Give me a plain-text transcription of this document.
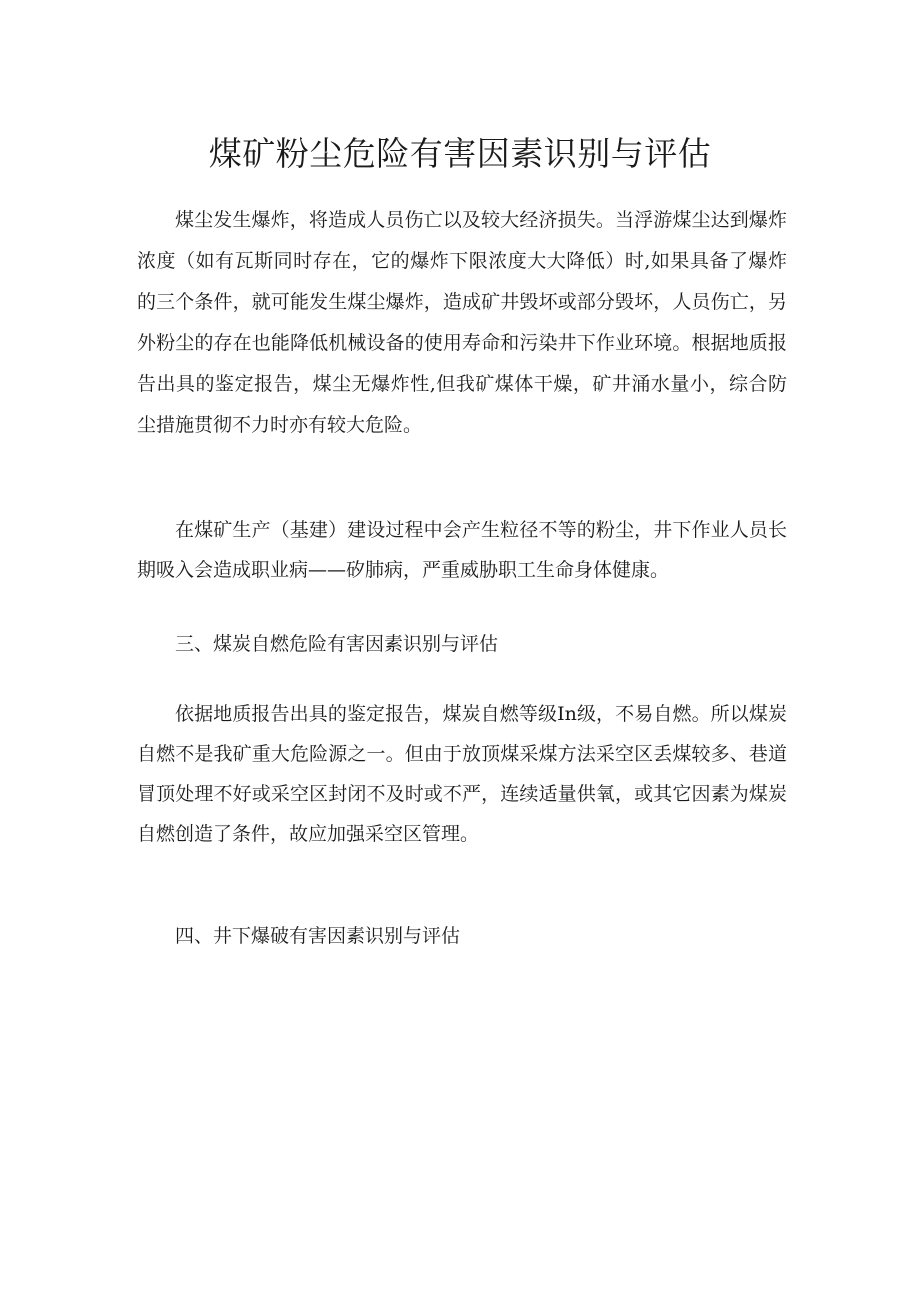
煤矿粉尘危险有害因素识别与评估

煤尘发生爆炸，将造成人员伤亡以及较大经济损失。当浮游煤尘达到爆炸浓度（如有瓦斯同时存在，它的爆炸下限浓度大大降低）时,如果具备了爆炸的三个条件，就可能发生煤尘爆炸，造成矿井毁坏或部分毁坏，人员伤亡，另外粉尘的存在也能降低机械设备的使用寿命和污染井下作业环境。根据地质报告出具的鉴定报告，煤尘无爆炸性,但我矿煤体干燥，矿井涌水量小，综合防尘措施贯彻不力时亦有较大危险。

在煤矿生产（基建）建设过程中会产生粒径不等的粉尘，井下作业人员长期吸入会造成职业病——矽肺病，严重威胁职工生命身体健康。

三、煤炭自燃危险有害因素识别与评估

依据地质报告出具的鉴定报告，煤炭自燃等级In级，不易自燃。所以煤炭自燃不是我矿重大危险源之一。但由于放顶煤采煤方法采空区丢煤较多、巷道冒顶处理不好或采空区封闭不及时或不严，连续适量供氧，或其它因素为煤炭自燃创造了条件，故应加强采空区管理。

四、井下爆破有害因素识别与评估
